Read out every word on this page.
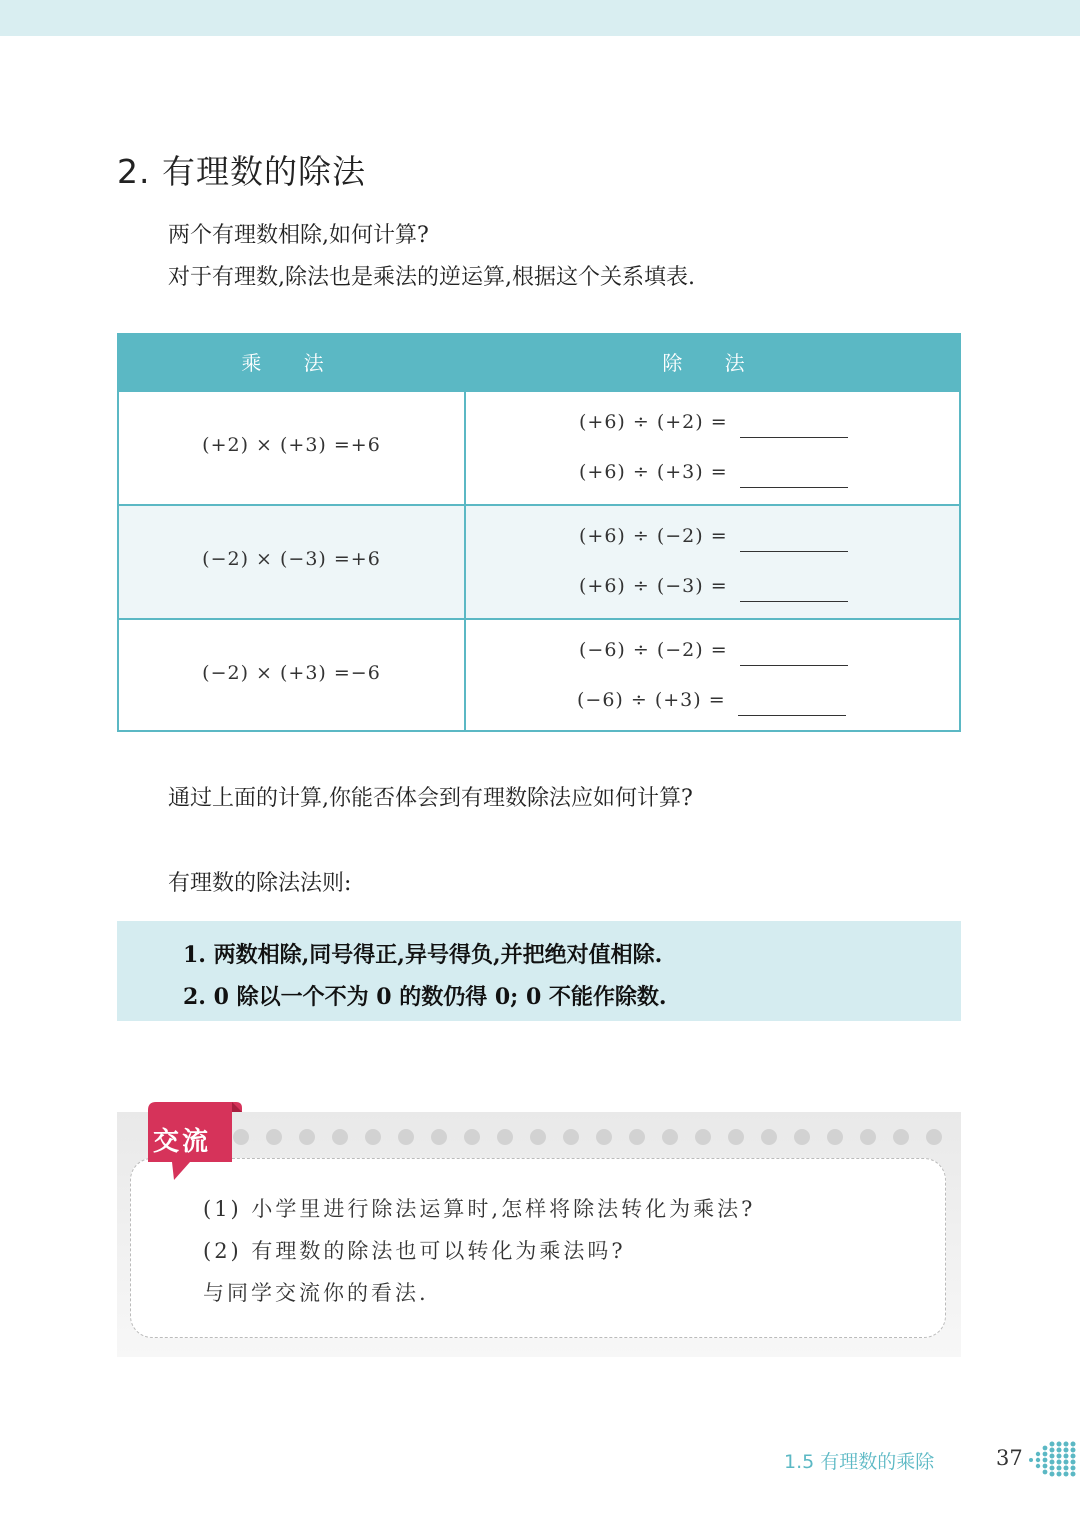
2. 有理数的除法
两个有理数相除,如何计算?
对于有理数,除法也是乘法的逆运算,根据这个关系填表.
乘 法	除 法
(+2) × (+3) =+6
(+6) ÷ (+2) =
(+6) ÷ (+3) =
(−2) × (−3) =+6
(+6) ÷ (−2) =
(+6) ÷ (−3) =
(−2) × (+3) =−6
(−6) ÷ (−2) =
(−6) ÷ (+3) =
通过上面的计算,你能否体会到有理数除法应如何计算?
有理数的除法法则:
1. 两数相除,同号得正,异号得负,并把绝对值相除.
2. 0 除以一个不为 0 的数仍得 0; 0 不能作除数.
交流
(1) 小学里进行除法运算时,怎样将除法转化为乘法?
(2) 有理数的除法也可以转化为乘法吗?
与同学交流你的看法.
1.5 有理数的乘除	37
